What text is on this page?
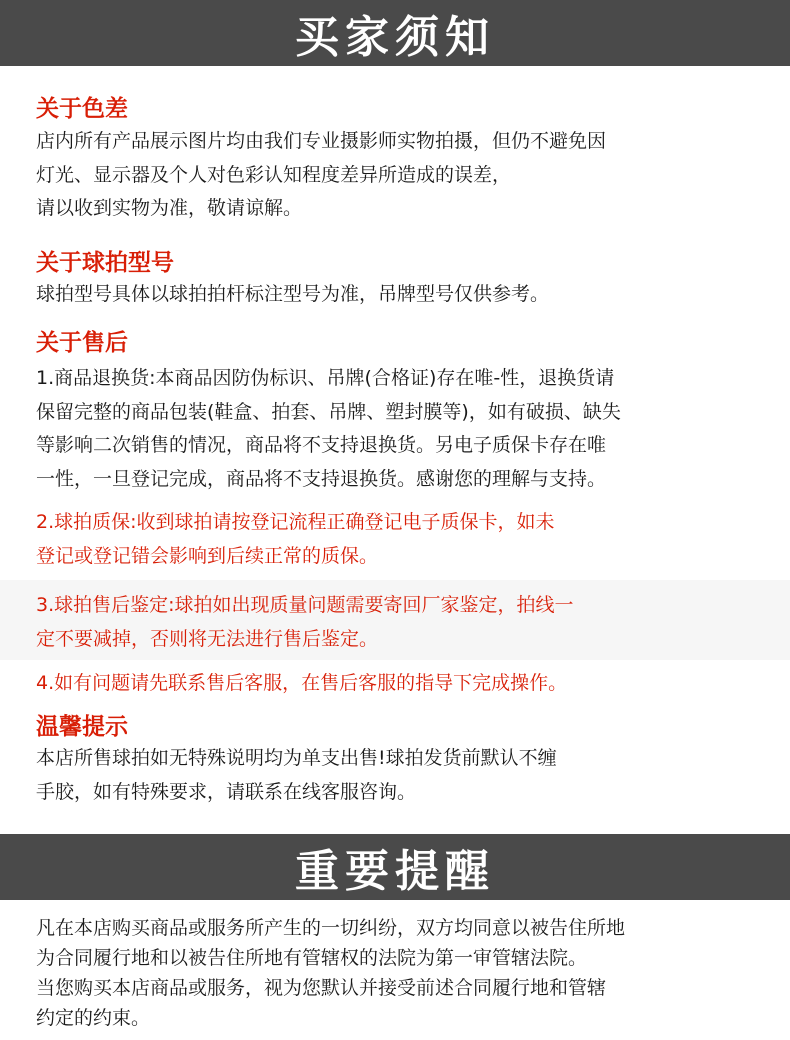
买家须知
关于色差
店内所有产品展示图片均由我们专业摄影师实物拍摄，但仍不避免因
灯光、显示器及个人对色彩认知程度差异所造成的误差，
请以收到实物为准，敬请谅解。
关于球拍型号
球拍型号具体以球拍拍杆标注型号为准，吊牌型号仅供参考。
关于售后
1.商品退换货:本商品因防伪标识、吊牌(合格证)存在唯-性，退换货请
保留完整的商品包装(鞋盒、拍套、吊牌、塑封膜等)，如有破损、缺失
等影响二次销售的情况，商品将不支持退换货。另电子质保卡存在唯
一性，一旦登记完成，商品将不支持退换货。感谢您的理解与支持。
2.球拍质保:收到球拍请按登记流程正确登记电子质保卡，如未
登记或登记错会影响到后续正常的质保。
3.球拍售后鉴定:球拍如出现质量问题需要寄回厂家鉴定，拍线一
定不要减掉，否则将无法进行售后鉴定。
4.如有问题请先联系售后客服，在售后客服的指导下完成操作。
温馨提示
本店所售球拍如无特殊说明均为单支出售!球拍发货前默认不缠
手胶，如有特殊要求，请联系在线客服咨询。
重要提醒
凡在本店购买商品或服务所产生的一切纠纷，双方均同意以被告住所地
为合同履行地和以被告住所地有管辖权的法院为第一审管辖法院。
当您购买本店商品或服务，视为您默认并接受前述合同履行地和管辖
约定的约束。
